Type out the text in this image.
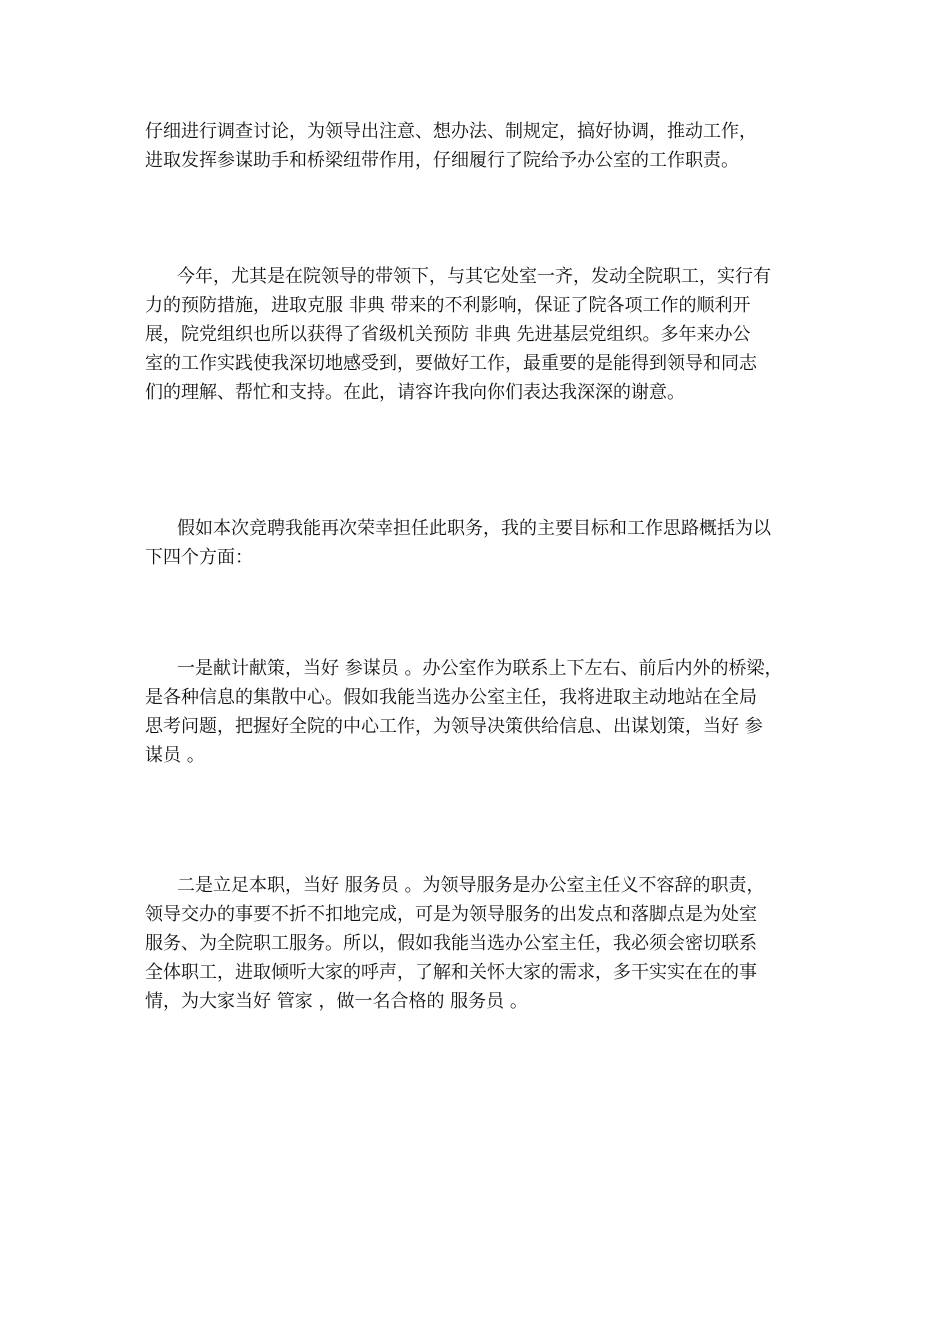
仔细进行调查讨论，为领导出注意、想办法、制规定，搞好协调，推动工作，
进取发挥参谋助手和桥梁纽带作用，仔细履行了院给予办公室的工作职责。

今年，尤其是在院领导的带领下，与其它处室一齐，发动全院职工，实行有
力的预防措施，进取克服 非典 带来的不利影响，保证了院各项工作的顺利开
展，院党组织也所以获得了省级机关预防 非典 先进基层党组织。多年来办公
室的工作实践使我深切地感受到，要做好工作，最重要的是能得到领导和同志
们的理解、帮忙和支持。在此，请容许我向你们表达我深深的谢意。

假如本次竞聘我能再次荣幸担任此职务，我的主要目标和工作思路概括为以
下四个方面：

一是献计献策，当好 参谋员 。办公室作为联系上下左右、前后内外的桥梁，
是各种信息的集散中心。假如我能当选办公室主任，我将进取主动地站在全局
思考问题，把握好全院的中心工作，为领导决策供给信息、出谋划策，当好 参
谋员 。

二是立足本职，当好 服务员 。为领导服务是办公室主任义不容辞的职责，
领导交办的事要不折不扣地完成，可是为领导服务的出发点和落脚点是为处室
服务、为全院职工服务。所以，假如我能当选办公室主任，我必须会密切联系
全体职工，进取倾听大家的呼声，了解和关怀大家的需求，多干实实在在的事
情，为大家当好 管家 ，做一名合格的 服务员 。
